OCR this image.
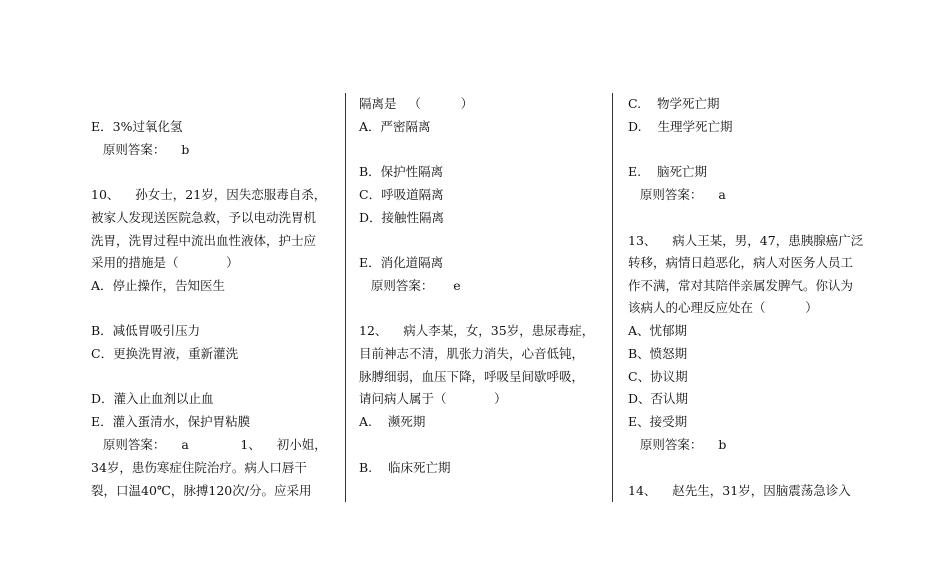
E．3%过氧化氢
原则答案：    b
10、    孙女士，21岁，因失恋服毒自杀，
被家人发现送医院急救，予以电动洗胃机
洗胃，洗胃过程中流出血性液体，护士应
采用的措施是（            ）
A．停止操作，告知医生
B．减低胃吸引压力
C．更换洗胃液，重新灌洗
D．灌入止血剂以止血
E．灌入蛋清水，保护胃粘膜
原则答案：    a             1、    初小姐，
34岁，患伤寒症住院治疗。病人口唇干
裂，口温40℃，脉搏120次/分。应采用
隔离是   （          ）
A．严密隔离
B．保护性隔离
C．呼吸道隔离
D．接触性隔离
E．消化道隔离
原则答案：     e
12、    病人李某，女，35岁，患尿毒症，
目前神志不清，肌张力消失，心音低钝，
脉膊细弱，血压下降，呼吸呈间歇呼吸，
请问病人属于（            ）
A.    濒死期
B.    临床死亡期
C.    物学死亡期
D.    生理学死亡期
E.    脑死亡期
原则答案：    a
13、    病人王某，男，47，患胰腺癌广泛
转移，病情日趋恶化，病人对医务人员工
作不满，常对其陪伴亲属发脾气。你认为
该病人的心理反应处在（          ）
A、忧郁期
B、愤怒期
C、协议期
D、否认期
E、接受期
原则答案：    b
14、    赵先生，31岁，因脑震荡急诊入
